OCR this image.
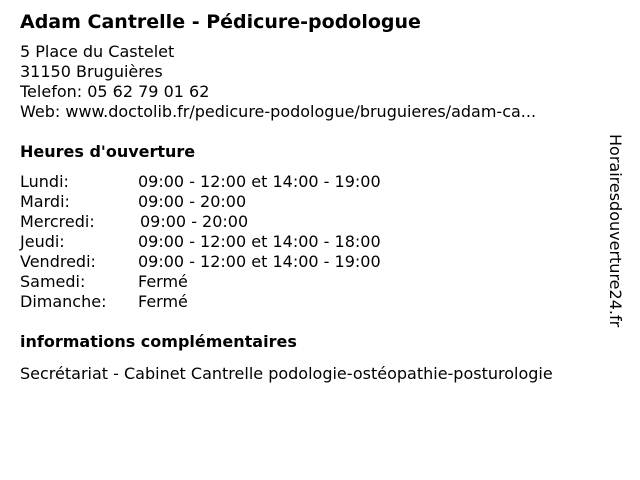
Adam Cantrelle - Pédicure-podologue
5 Place du Castelet
31150 Bruguières
Telefon: 05 62 79 01 62
Web: www.doctolib.fr/pedicure-podologue/bruguieres/adam-ca...
Heures d'ouverture
Lundi:	09:00 - 12:00 et 14:00 - 19:00
Mardi:	09:00 - 20:00
Mercredi:	09:00 - 20:00
Jeudi:	09:00 - 12:00 et 14:00 - 18:00
Vendredi:	09:00 - 12:00 et 14:00 - 19:00
Samedi:	Fermé
Dimanche:	Fermé
informations complémentaires
Secrétariat - Cabinet Cantrelle podologie-ostéopathie-posturologie
Horairesdouverture24.fr
